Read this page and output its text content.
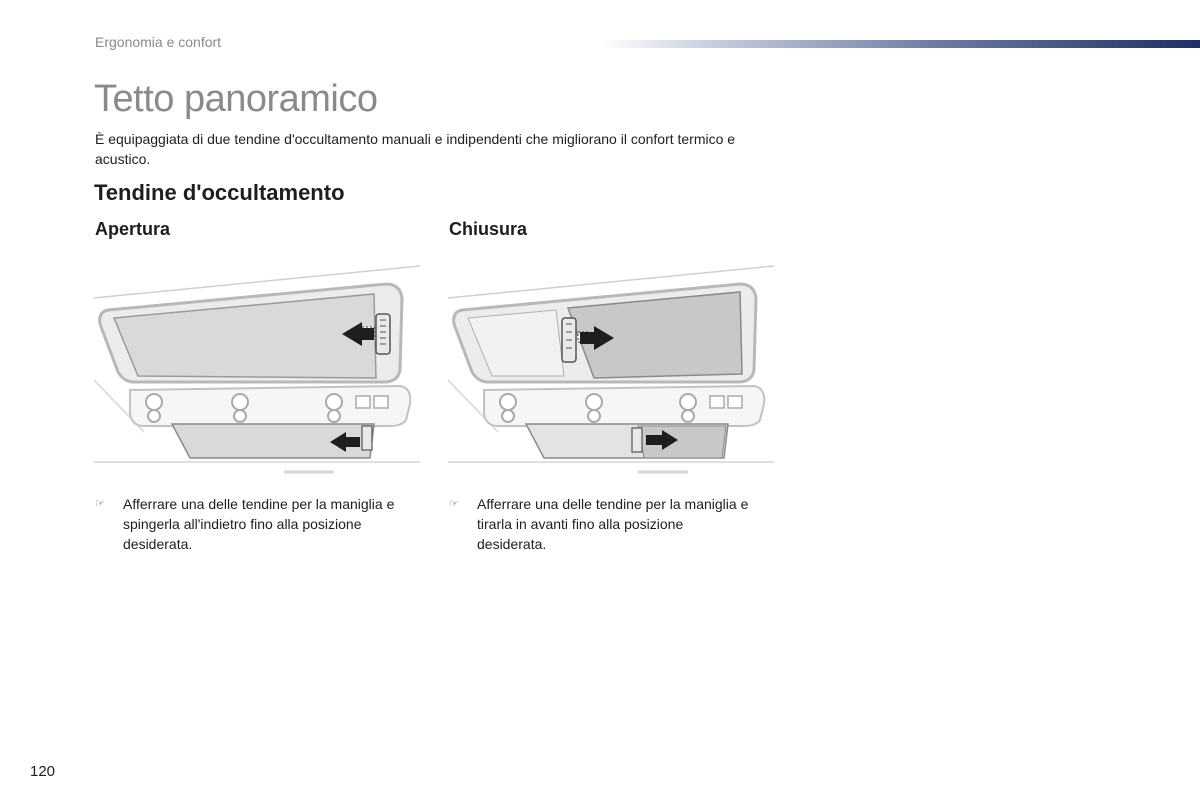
Ergonomia e confort
Tetto panoramico

È equipaggiata di due tendine d'occultamento manuali e indipendenti che migliorano il confort termico e acustico.

Tendine d'occultamento
Apertura	Chiusura
☞	Afferrare una delle tendine per la maniglia e spingerla all'indietro fino alla posizione desiderata.
☞	Afferrare una delle tendine per la maniglia e tirarla in avanti fino alla posizione desiderata.
120
